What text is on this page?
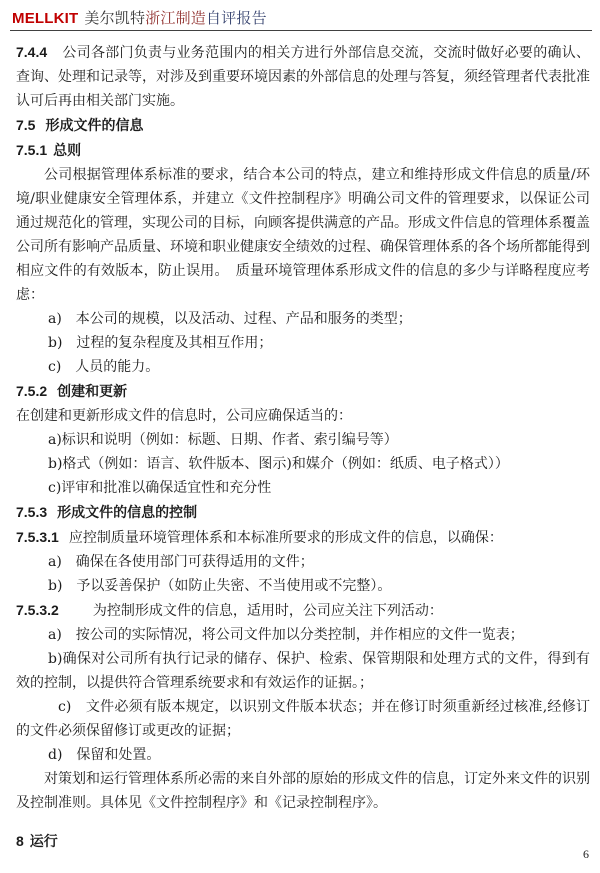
MELLKIT 美尔凯特浙江制造自评报告

7.4.4 公司各部门负责与业务范围内的相关方进行外部信息交流，交流时做好必要的确认、查询、处理和记录等，对涉及到重要环境因素的外部信息的处理与答复，须经管理者代表批准认可后再由相关部门实施。

7.5 形成文件的信息
7.5.1 总则

公司根据管理体系标准的要求，结合本公司的特点，建立和维持形成文件信息的质量/环境/职业健康安全管理体系，并建立《文件控制程序》明确公司文件的管理要求，以保证公司通过规范化的管理，实现公司的目标，向顾客提供满意的产品。形成文件信息的管理体系覆盖公司所有影响产品质量、环境和职业健康安全绩效的过程、确保管理体系的各个场所都能得到相应文件的有效版本，防止误用。　质量环境管理体系形成文件的信息的多少与详略程度应考虑：

a)　本公司的规模，以及活动、过程、产品和服务的类型；

b)　过程的复杂程度及其相互作用；

c)　人员的能力。

7.5.2 创建和更新

在创建和更新形成文件的信息时，公司应确保适当的：

a)标识和说明（例如：标题、日期、作者、索引编号等）

b)格式（例如：语言、软件版本、图示)和媒介（例如：纸质、电子格式））

c)评审和批准以确保适宜性和充分性

7.5.3 形成文件的信息的控制

7.5.3.1 应控制质量环境管理体系和本标准所要求的形成文件的信息，以确保：

a)　确保在各使用部门可获得适用的文件；

b)　予以妥善保护（如防止失密、不当使用或不完整）。

7.5.3.2 为控制形成文件的信息，适用时，公司应关注下列活动：

a)　按公司的实际情况，将公司文件加以分类控制，并作相应的文件一览表；

b)确保对公司所有执行记录的储存、保护、检索、保管期限和处理方式的文件，得到有效的控制，以提供符合管理系统要求和有效运作的证据。；

c)　文件必须有版本规定，以识别文件版本状态；并在修订时须重新经过核准,经修订的文件必须保留修订或更改的证据；

d)　保留和处置。

对策划和运行管理体系所必需的来自外部的原始的形成文件的信息，订定外来文件的识别及控制准则。具体见《文件控制程序》和《记录控制程序》。

8 运行
6
